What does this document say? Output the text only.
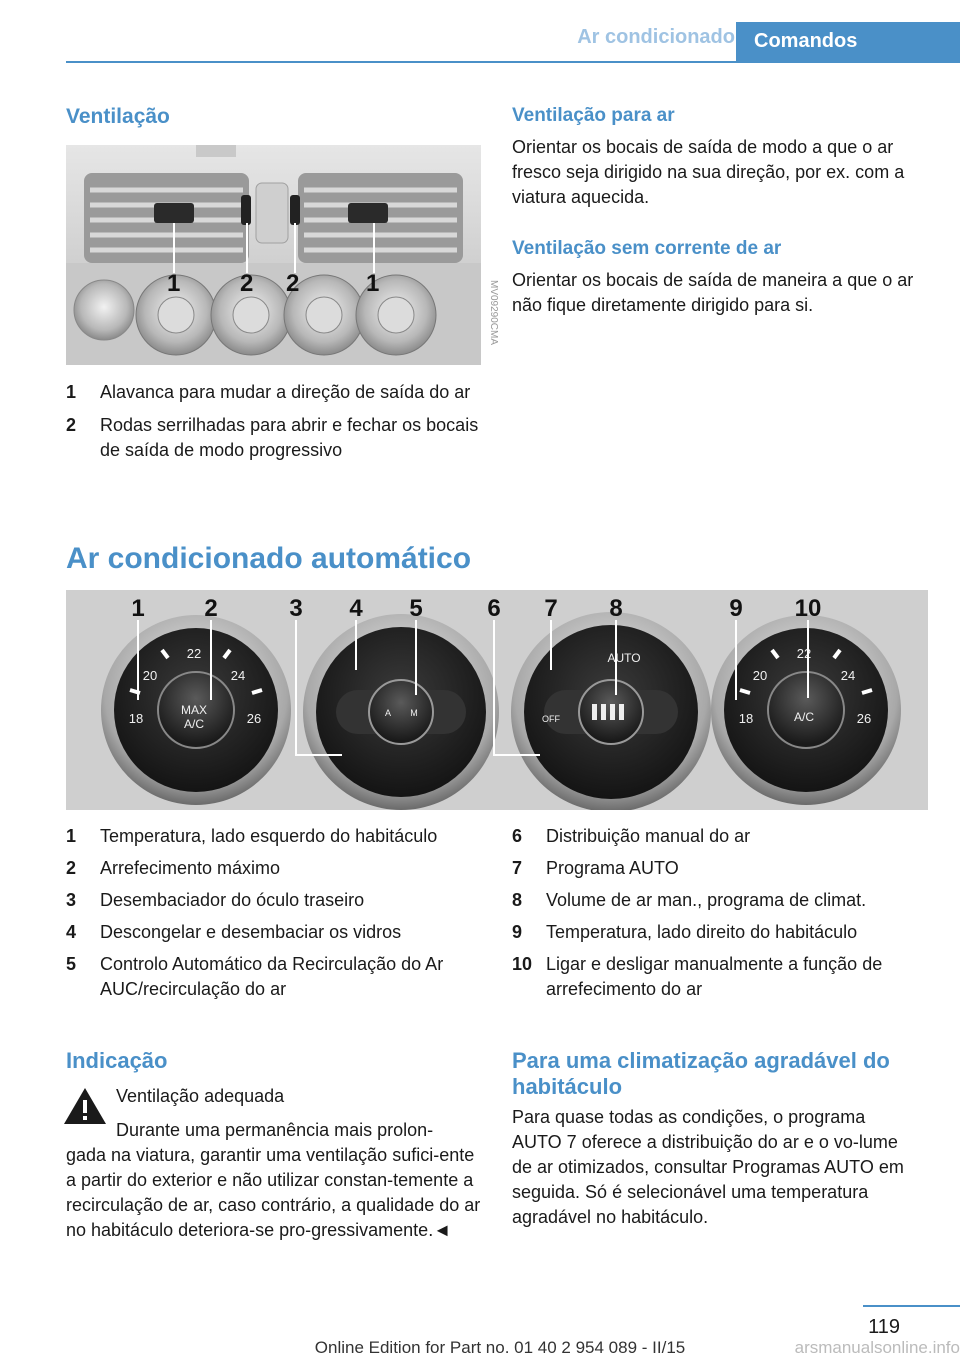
Ar condicionado Comandos
Ventilação
1 2 2	1	MV09290CMA
1 Alavanca para mudar a direção de saída do ar
2 Rodas serrilhadas para abrir e fechar os bocais de saída de modo progressivo
Ventilação para ar

Orientar os bocais de saída de modo a que o ar fresco seja dirigido na sua direção, por ex. com a viatura aquecida.

Ventilação sem corrente de ar

Orientar os bocais de saída de maneira a que o ar não fique diretamente dirigido para si.

Ar condicionado automático
20
22
24
18	26
MAX
A/C
20
22
24
18	26
A/C
AUTO
OFF
A M
1 2	3 4 5	6 7 8	9 10
1 Temperatura, lado esquerdo do habitáculo
2 Arrefecimento máximo
3 Desembaciador do óculo traseiro
4 Descongelar e desembaciar os vidros
5 Controlo Automático da Recirculação do Ar AUC/recirculação do ar
6 Distribuição manual do ar
7 Programa AUTO
8 Volume de ar man., programa de climat.
9 Temperatura, lado direito do habitáculo
10 Ligar e desligar manualmente a função de arrefecimento do ar
Indicação

Ventilação adequada

Durante uma permanência mais prolon-

gada na viatura, garantir uma ventilação sufici-ente a partir do exterior e não utilizar constan-temente a recirculação de ar, caso contrário, a qualidade do ar no habitáculo deteriora-se pro-gressivamente.◄

Para uma climatização agradável do habitáculo

Para quase todas as condições, o programa AUTO 7 oferece a distribuição do ar e o vo-lume de ar otimizados, consultar Programas AUTO em seguida. Só é selecionável uma temperatura agradável no habitáculo.

119
Online Edition for Part no. 01 40 2 954 089 - II/15	arsmanualsonline.info
